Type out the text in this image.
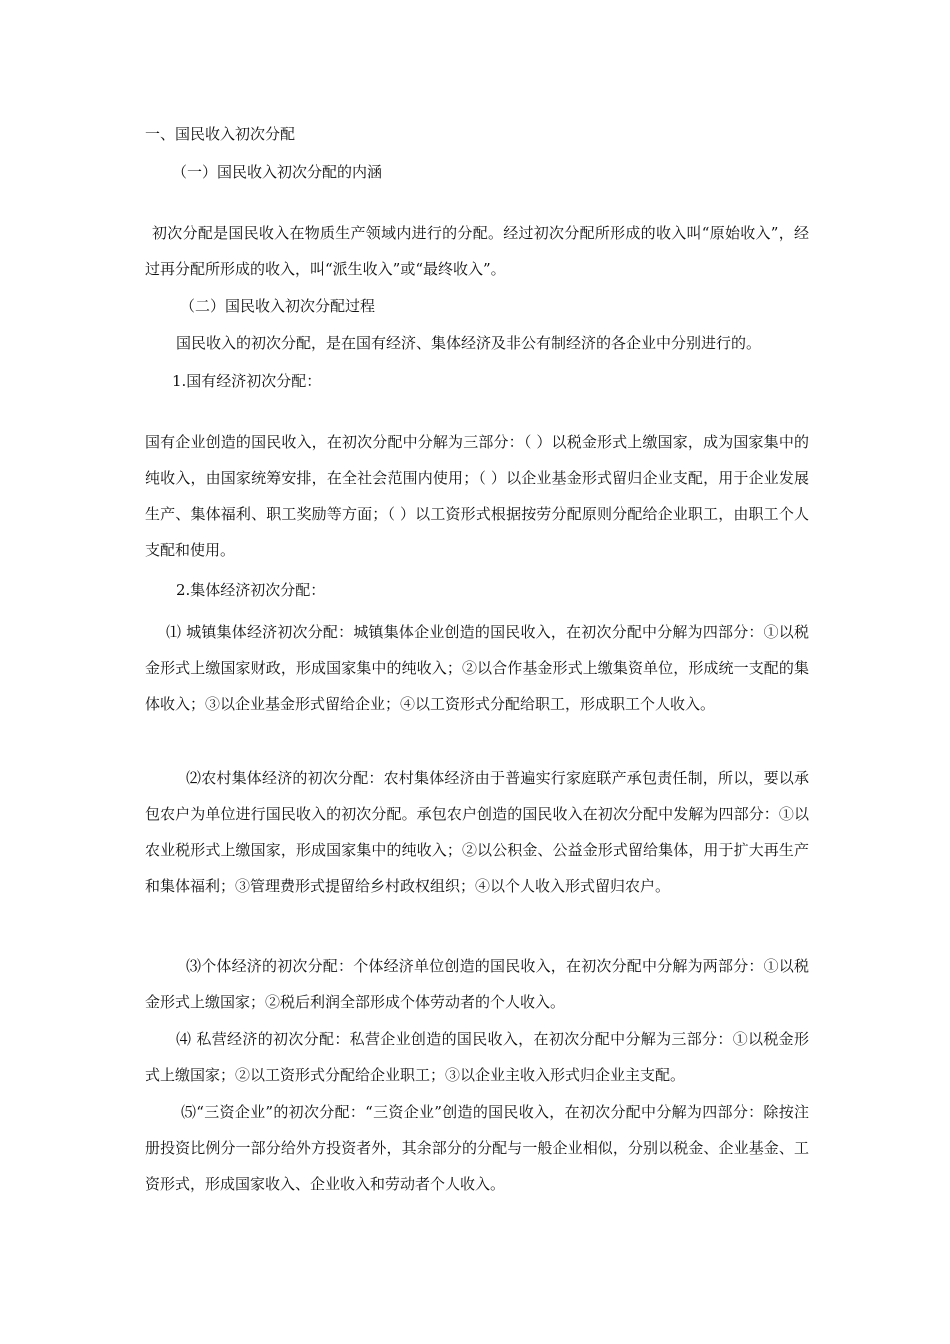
一、国民收入初次分配
（一）国民收入初次分配的内涵
初次分配是国民收入在物质生产领域内进行的分配。经过初次分配所形成的收入叫“原始收入”，经过再分配所形成的收入，叫“派生收入”或“最终收入”。
（二）国民收入初次分配过程
国民收入的初次分配，是在国有经济、集体经济及非公有制经济的各企业中分别进行的。
1.国有经济初次分配：
国有企业创造的国民收入，在初次分配中分解为三部分：（ ）以税金形式上缴国家，成为国家集中的纯收入，由国家统筹安排，在全社会范围内使用；（ ）以企业基金形式留归企业支配，用于企业发展生产、集体福利、职工奖励等方面；（ ）以工资形式根据按劳分配原则分配给企业职工，由职工个人支配和使用。
2.集体经济初次分配：
⑴ 城镇集体经济初次分配：城镇集体企业创造的国民收入，在初次分配中分解为四部分：①以税金形式上缴国家财政，形成国家集中的纯收入；②以合作基金形式上缴集资单位，形成统一支配的集体收入；③以企业基金形式留给企业；④以工资形式分配给职工，形成职工个人收入。
⑵农村集体经济的初次分配：农村集体经济由于普遍实行家庭联产承包责任制，所以，要以承包农户为单位进行国民收入的初次分配。承包农户创造的国民收入在初次分配中发解为四部分：①以农业税形式上缴国家，形成国家集中的纯收入；②以公积金、公益金形式留给集体，用于扩大再生产和集体福利；③管理费形式提留给乡村政权组织；④以个人收入形式留归农户。
⑶个体经济的初次分配：个体经济单位创造的国民收入，在初次分配中分解为两部分：①以税金形式上缴国家；②税后利润全部形成个体劳动者的个人收入。
⑷ 私营经济的初次分配：私营企业创造的国民收入，在初次分配中分解为三部分：①以税金形式上缴国家；②以工资形式分配给企业职工；③以企业主收入形式归企业主支配。
⑸“三资企业”的初次分配：“三资企业”创造的国民收入，在初次分配中分解为四部分：除按注册投资比例分一部分给外方投资者外，其余部分的分配与一般企业相似，分别以税金、企业基金、工资形式，形成国家收入、企业收入和劳动者个人收入。
